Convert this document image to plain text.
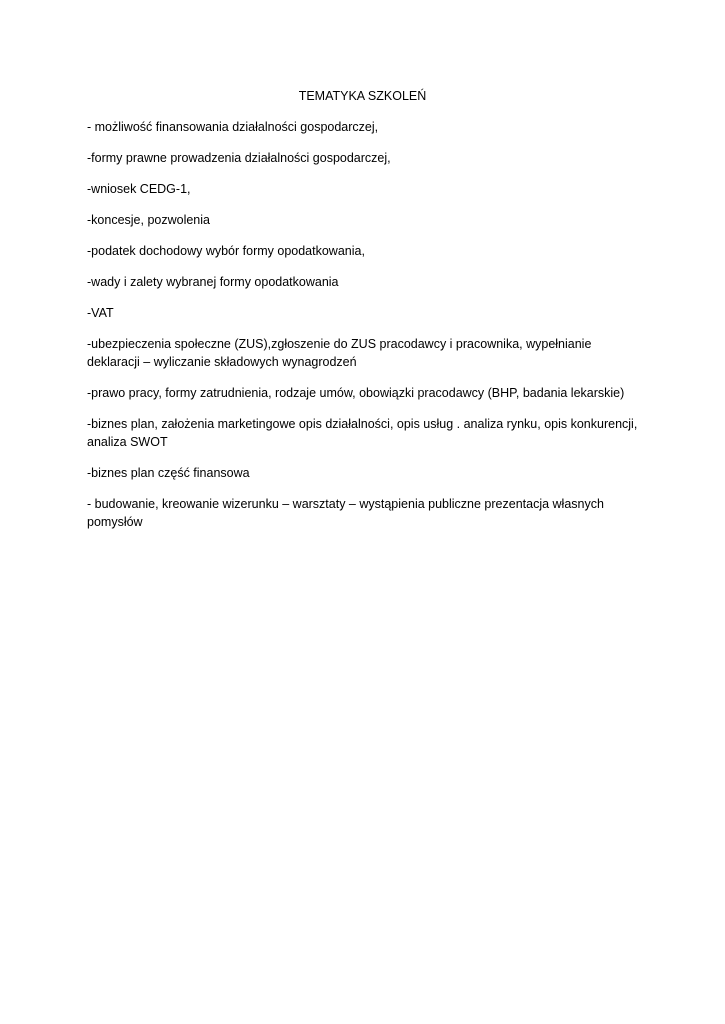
TEMATYKA SZKOLEŃ
- możliwość finansowania działalności gospodarczej,
-formy prawne prowadzenia działalności gospodarczej,
-wniosek CEDG-1,
-koncesje, pozwolenia
-podatek dochodowy wybór formy opodatkowania,
-wady i zalety wybranej formy opodatkowania
-VAT
-ubezpieczenia społeczne (ZUS),zgłoszenie do ZUS pracodawcy i pracownika, wypełnianie deklaracji – wyliczanie składowych wynagrodzeń
-prawo pracy, formy zatrudnienia, rodzaje umów, obowiązki pracodawcy (BHP, badania lekarskie)
-biznes plan, założenia marketingowe opis działalności, opis usług . analiza rynku, opis konkurencji, analiza SWOT
-biznes plan część finansowa
- budowanie, kreowanie wizerunku – warsztaty – wystąpienia publiczne prezentacja własnych pomysłów
